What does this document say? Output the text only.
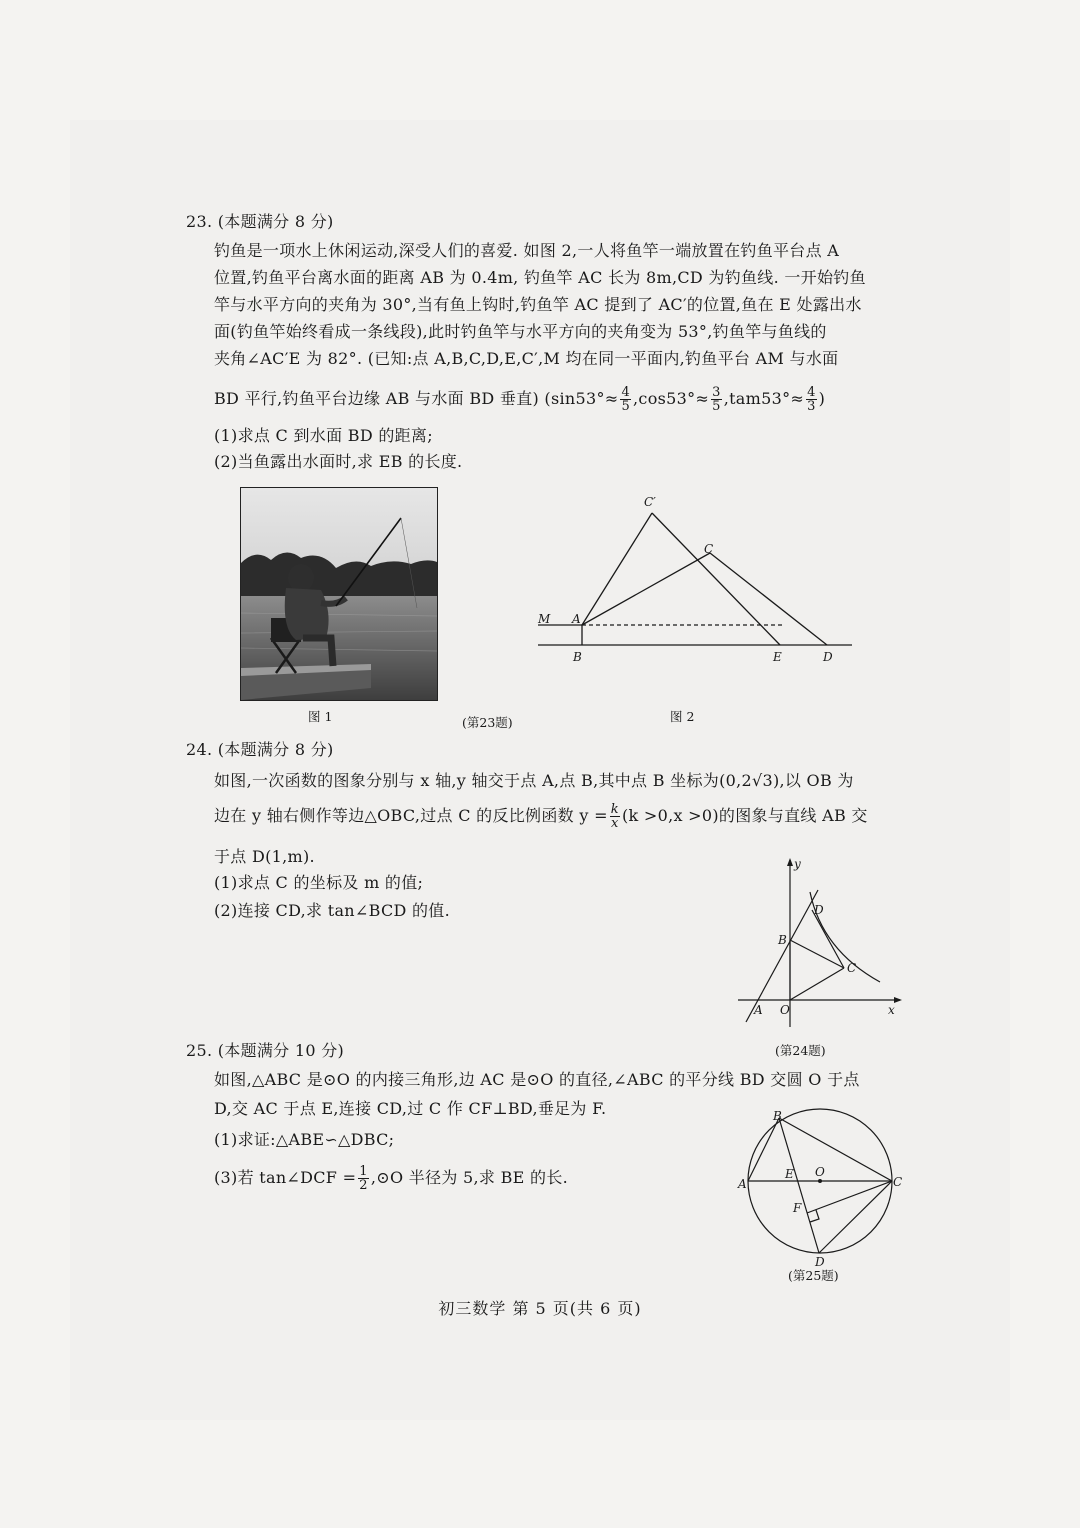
23. (本题满分 8 分)
钓鱼是一项水上休闲运动,深受人们的喜爱. 如图 2,一人将鱼竿一端放置在钓鱼平台点 A
位置,钓鱼平台离水面的距离 AB 为 0.4m, 钓鱼竿 AC 长为 8m,CD 为钓鱼线. 一开始钓鱼
竿与水平方向的夹角为 30°,当有鱼上钩时,钓鱼竿 AC 提到了 AC′的位置,鱼在 E 处露出水
面(钓鱼竿始终看成一条线段),此时钓鱼竿与水平方向的夹角变为 53°,钓鱼竿与鱼线的
夹角∠AC′E 为 82°. (已知:点 A,B,C,D,E,C′,M 均在同一平面内,钓鱼平台 AM 与水面
BD 平行,钓鱼平台边缘 AB 与水面 BD 垂直) ($\sin 53^\circ\approx \frac{4}{5} ,\cos 53^\circ\approx \frac{3}{5} ,tam53^\circ\approx \frac{4}{3}$ )
(1)求点 C 到水面 BD 的距离;
(2)当鱼露出水面时,求 EB 的长度.
图 1	(第23题)	图 2
C′
C
M A
B	E	D
24. (本题满分 8 分)
如图,一次函数的图象分别与 x 轴,y 轴交于点 A,点 B,其中点 B 坐标为(0,2√3),以 OB 为
边在 y 轴右侧作等边△OBC,过点 C 的反比例函数 $y = \frac{k}{x} (k >0,x >0)$的图象与直线 AB 交
于点 D(1,m).
(1)求点 C 的坐标及 m 的值;
(2)连接 CD,求 tan∠BCD 的值.
y
x
D
B
C
A O
(第24题)
25. (本题满分 10 分)
如图,△ABC 是⊙O 的内接三角形,边 AC 是⊙O 的直径,∠ABC 的平分线 BD 交圆 O 于点
D,交 AC 于点 E,连接 CD,过 C 作 CF⊥BD,垂足为 F.
(1)求证:△ABE∽△DBC;
(3)若 tan∠DCF = $\frac{1}{2}$ ,⊙O 半径为 5,求 BE 的长.
B
A
E O
C
F
D
(第25题)
初三数学 第 5 页(共 6 页)
